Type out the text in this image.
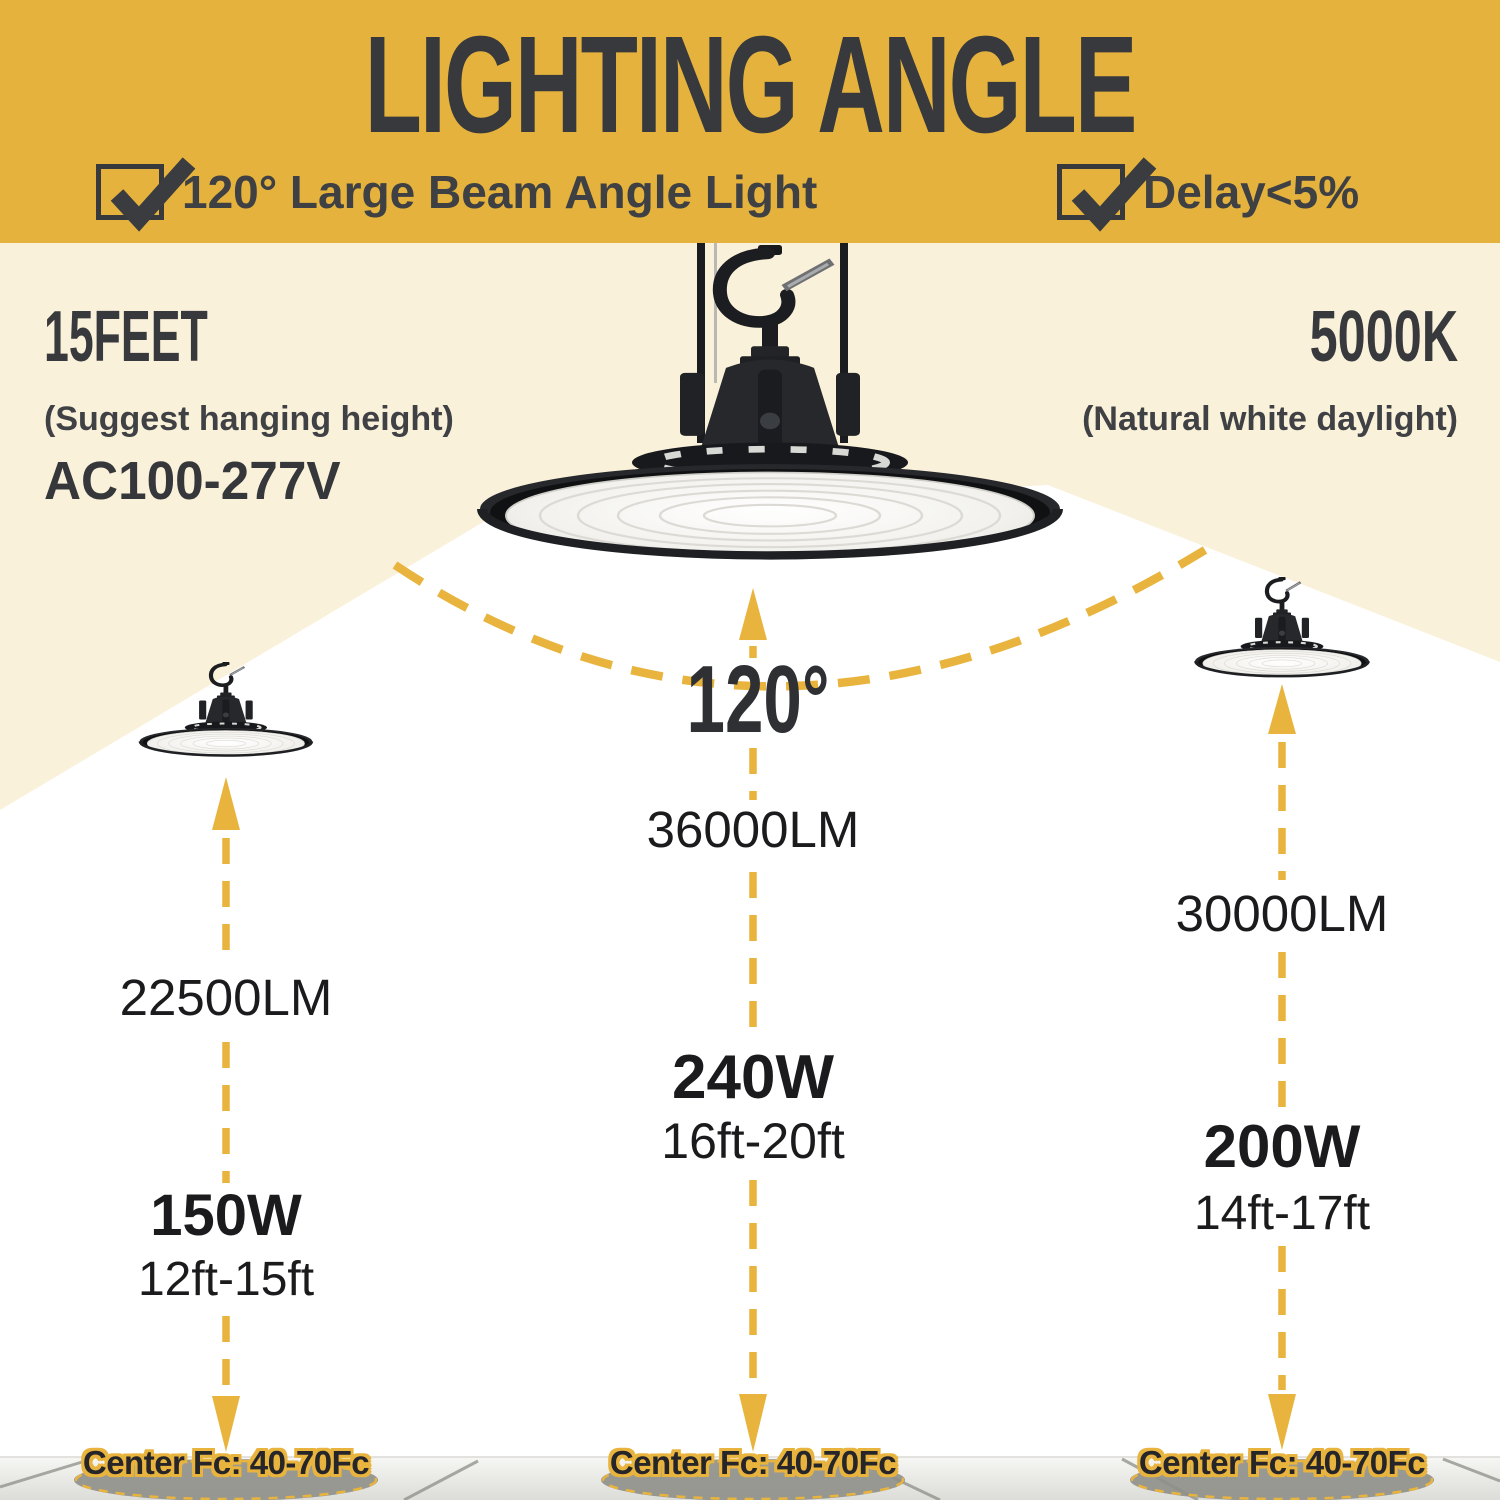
LIGHTING ANGLE
120° Large Beam Angle Light	Delay<5%
15FEET
(Suggest hanging height)
AC100-277V
5000K
(Natural white daylight)
120°
22500LM
150W
12ft-15ft
Center Fc: 40-70Fc
36000LM
240W
16ft-20ft
Center Fc: 40-70Fc
30000LM
200W
14ft-17ft
Center Fc: 40-70Fc
